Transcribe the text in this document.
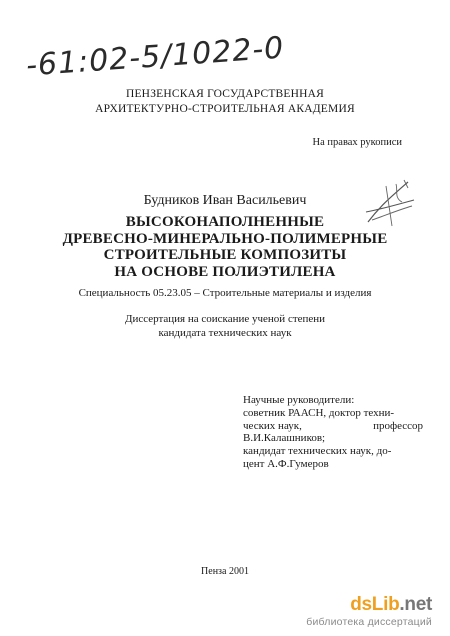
-61:02-5/1022-0
ПЕНЗЕНСКАЯ ГОСУДАРСТВЕННАЯ
АРХИТЕКТУРНО-СТРОИТЕЛЬНАЯ АКАДЕМИЯ
На правах рукописи
Будников Иван Васильевич
ВЫСОКОНАПОЛНЕННЫЕ
ДРЕВЕСНО-МИНЕРАЛЬНО-ПОЛИМЕРНЫЕ
СТРОИТЕЛЬНЫЕ КОМПОЗИТЫ
НА ОСНОВЕ ПОЛИЭТИЛЕНА
Специальность 05.23.05 – Строительные материалы и изделия
Диссертация на соискание ученой степени
кандидата технических наук
Научные руководители:
советник РААСН, доктор техни-
ческих наук,	профессор
В.И.Калашников;
кандидат технических наук, до-
цент А.Ф.Гумеров
Пенза 2001
dsLib.net
библиотека диссертаций
